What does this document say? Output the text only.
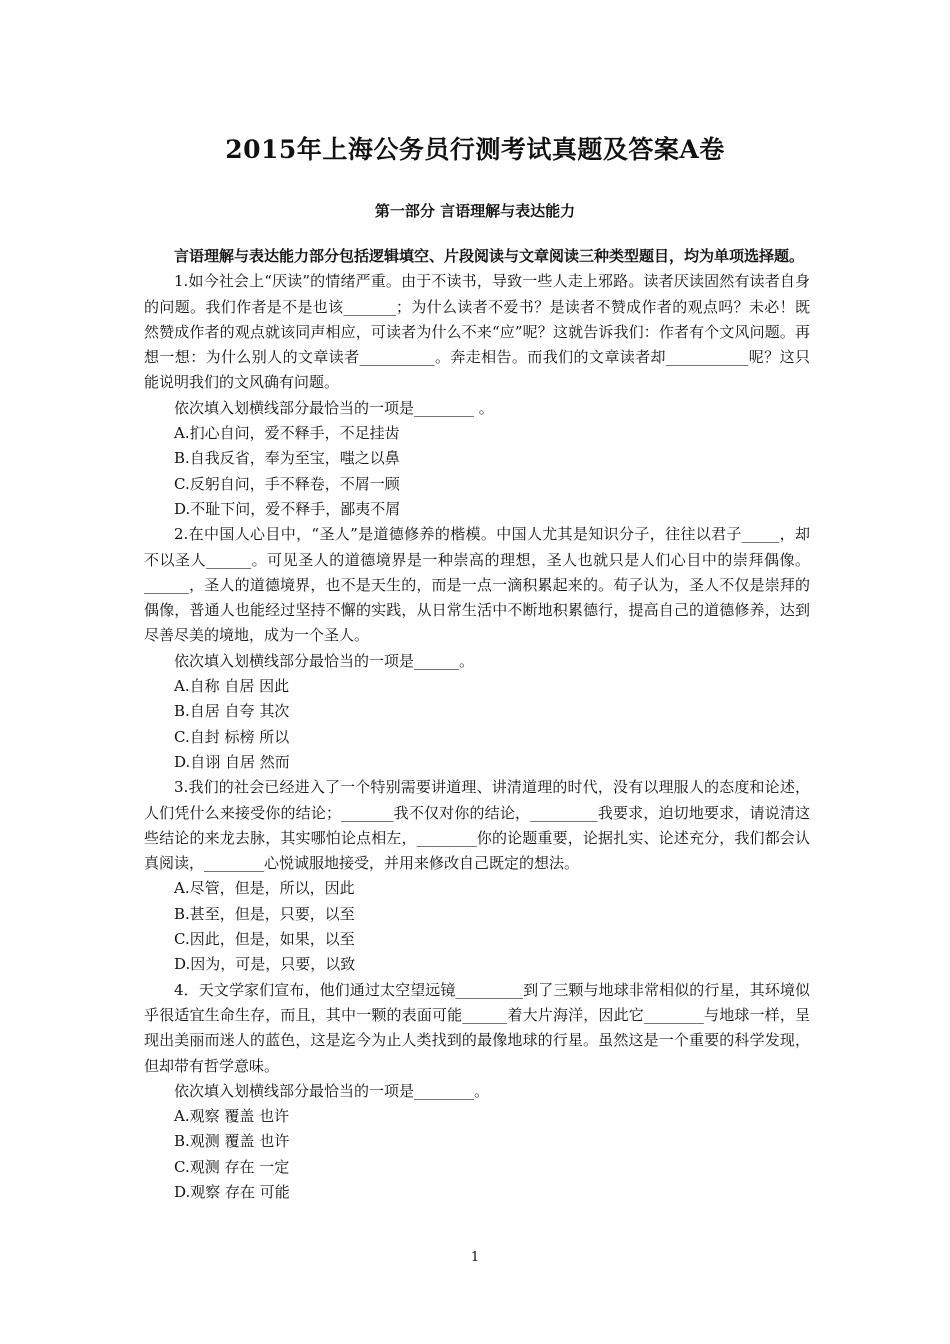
2015年上海公务员行测考试真题及答案A卷
第一部分 言语理解与表达能力

言语理解与表达能力部分包括逻辑填空、片段阅读与文章阅读三种类型题目，均为单项选择题。

1.如今社会上“厌读”的情绪严重。由于不读书，导致一些人走上邪路。读者厌读固然有读者自身的问题。我们作者是不是也该_______；为什么读者不爱书？是读者不赞成作者的观点吗？未必！既然赞成作者的观点就该同声相应，可读者为什么不来“应”呢？这就告诉我们：作者有个文风问题。再想一想：为什么别人的文章读者__________。奔走相告。而我们的文章读者却___________呢？这只能说明我们的文风确有问题。

依次填入划横线部分最恰当的一项是________ 。

A.扪心自问，爱不释手，不足挂齿

B.自我反省，奉为至宝，嗤之以鼻

C.反躬自问，手不释卷，不屑一顾

D.不耻下问，爱不释手，鄙夷不屑

2.在中国人心目中，“圣人”是道德修养的楷模。中国人尤其是知识分子，往往以君子_____，却不以圣人______。可见圣人的道德境界是一种崇高的理想，圣人也就只是人们心目中的崇拜偶像。______，圣人的道德境界，也不是天生的，而是一点一滴积累起来的。荀子认为，圣人不仅是崇拜的偶像，普通人也能经过坚持不懈的实践，从日常生活中不断地积累德行，提高自己的道德修养，达到尽善尽美的境地，成为一个圣人。

依次填入划横线部分最恰当的一项是______。

A.自称 自居 因此

B.自居 自夸 其次

C.自封 标榜 所以

D.自诩 自居 然而

3.我们的社会已经进入了一个特别需要讲道理、讲清道理的时代，没有以理服人的态度和论述，人们凭什么来接受你的结论；_______我不仅对你的结论，_________我要求，迫切地要求，请说清这些结论的来龙去脉，其实哪怕论点相左，________你的论题重要，论据扎实、论述充分，我们都会认真阅读，________心悦诚服地接受，并用来修改自己既定的想法。

A.尽管，但是，所以，因此

B.甚至，但是，只要，以至

C.因此，但是，如果，以至

D.因为，可是，只要，以致

4．天文学家们宣布，他们通过太空望远镜_________到了三颗与地球非常相似的行星，其环境似乎很适宜生命生存，而且，其中一颗的表面可能______着大片海洋，因此它________与地球一样，呈现出美丽而迷人的蓝色，这是迄今为止人类找到的最像地球的行星。虽然这是一个重要的科学发现，但却带有哲学意味。

依次填入划横线部分最恰当的一项是________。

A.观察 覆盖 也许

B.观测 覆盖 也许

C.观测 存在 一定

D.观察 存在 可能

1
